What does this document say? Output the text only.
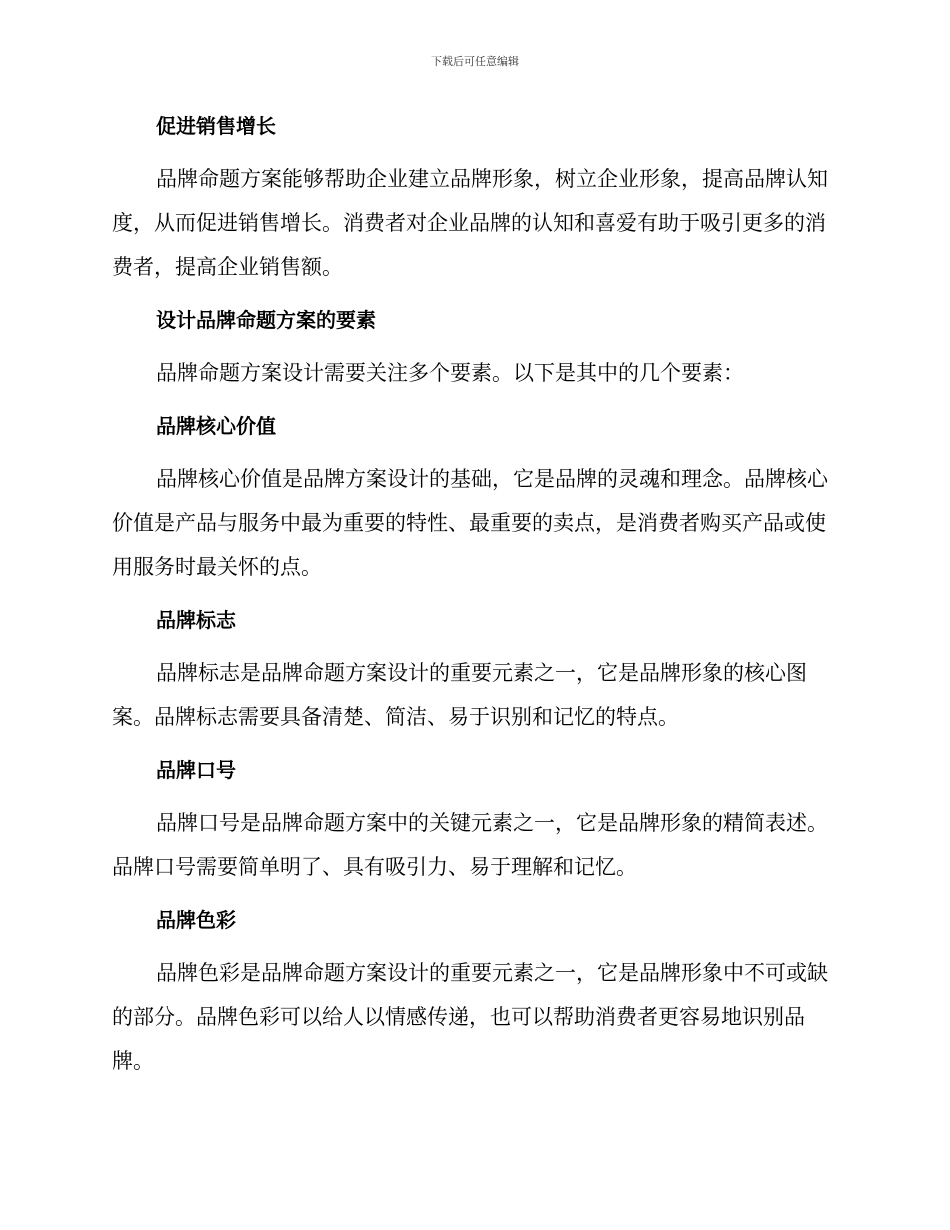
下载后可任意编辑
促进销售增长

品牌命题方案能够帮助企业建立品牌形象，树立企业形象，提高品牌认知度，从而促进销售增长。消费者对企业品牌的认知和喜爱有助于吸引更多的消费者，提高企业销售额。

设计品牌命题方案的要素

品牌命题方案设计需要关注多个要素。以下是其中的几个要素：

品牌核心价值

品牌核心价值是品牌方案设计的基础，它是品牌的灵魂和理念。品牌核心价值是产品与服务中最为重要的特性、最重要的卖点，是消费者购买产品或使用服务时最关怀的点。

品牌标志

品牌标志是品牌命题方案设计的重要元素之一，它是品牌形象的核心图案。品牌标志需要具备清楚、简洁、易于识别和记忆的特点。

品牌口号

品牌口号是品牌命题方案中的关键元素之一，它是品牌形象的精简表述。品牌口号需要简单明了、具有吸引力、易于理解和记忆。

品牌色彩

品牌色彩是品牌命题方案设计的重要元素之一，它是品牌形象中不可或缺的部分。品牌色彩可以给人以情感传递，也可以帮助消费者更容易地识别品牌。
